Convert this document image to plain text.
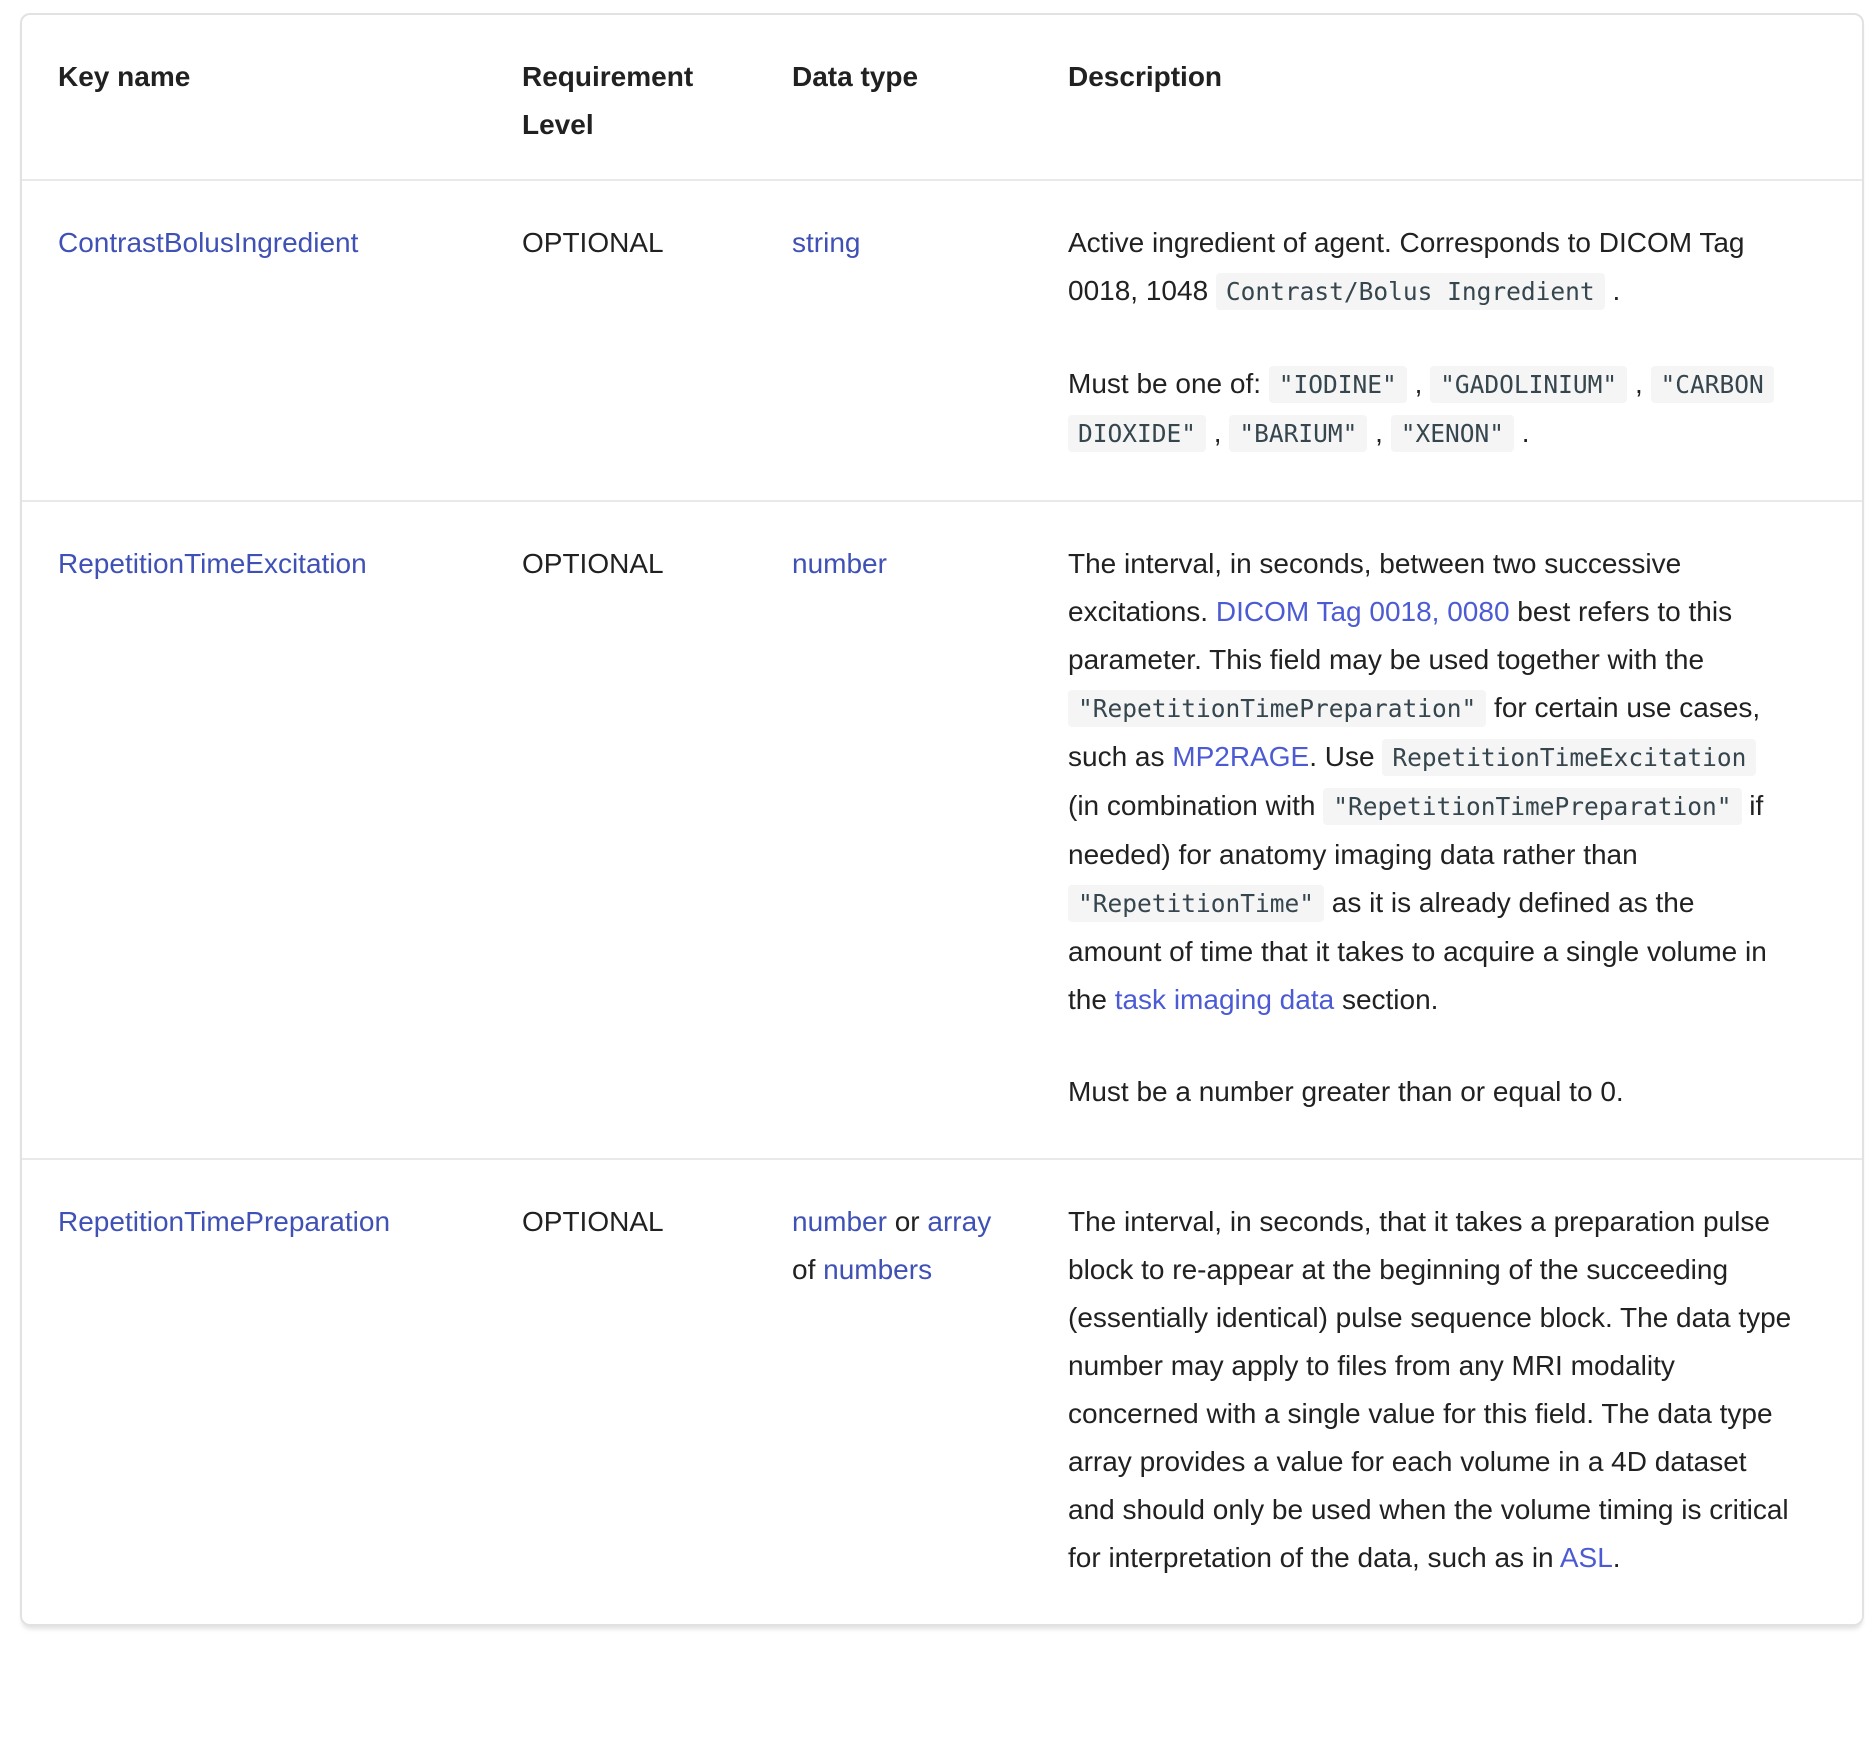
Key name	Requirement Level	Data type	Description
ContrastBolusIngredient	OPTIONAL	string	Active ingredient of agent. Corresponds to DICOM Tag 0018, 1048 Contrast/Bolus Ingredient .

Must be one of: "IODINE" , "GADOLINIUM" , "CARBON DIOXIDE" , "BARIUM" , "XENON" .

RepetitionTimeExcitation	OPTIONAL	number	The interval, in seconds, between two successive excitations. DICOM Tag 0018, 0080 best refers to this parameter. This field may be used together with the "RepetitionTimePreparation" for certain use cases, such as MP2RAGE. Use RepetitionTimeExcitation (in combination with "RepetitionTimePreparation" if needed) for anatomy imaging data rather than "RepetitionTime" as it is already defined as the amount of time that it takes to acquire a single volume in the task imaging data section.

Must be a number greater than or equal to 0.

RepetitionTimePreparation	OPTIONAL	number or array of numbers	The interval, in seconds, that it takes a preparation pulse block to re-appear at the beginning of the succeeding (essentially identical) pulse sequence block. The data type number may apply to files from any MRI modality concerned with a single value for this field. The data type array provides a value for each volume in a 4D dataset and should only be used when the volume timing is critical for interpretation of the data, such as in ASL.
